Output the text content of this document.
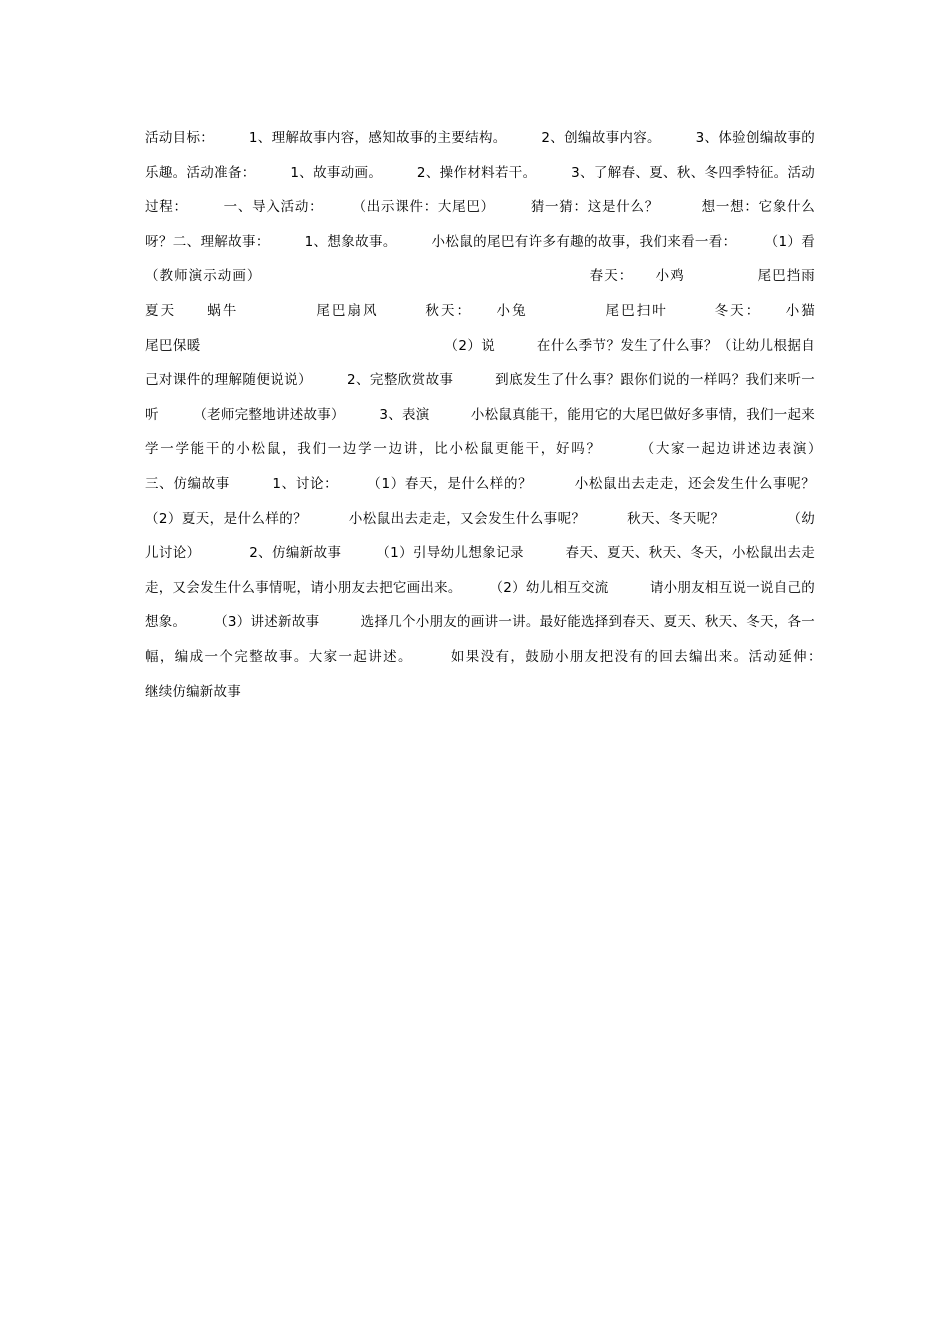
活动目标：　　　1、理解故事内容，感知故事的主要结构。　　　2、创编故事内容。　　　3、体验创编故事的乐趣。活动准备：　　　1、故事动画。　　　2、操作材料若干。　　　3、了解春、夏、秋、冬四季特征。活动过程：　　　一、导入活动：　　　（出示课件：大尾巴）　　　猜一猜：这是什么？　　　想一想：它象什么呀？二、理解故事：　　　1、想象故事。　　　小松鼠的尾巴有许多有趣的故事，我们来看一看：　　　（1）看（教师演示动画）　　　　　　　　　　　　　　　　　　　　　　　春天：　　小鸡　　　　　尾巴挡雨　　　夏天　　蜗牛　　　　　尾巴扇风　　　秋天：　　小兔　　　　　尾巴扫叶　　　冬天：　　小猫　　　　　尾巴保暖　　　　　　　　　　　　　　　　　　（2）说　　　在什么季节？发生了什么事？（让幼儿根据自己对课件的理解随便说说）　　　2、完整欣赏故事　　　到底发生了什么事？跟你们说的一样吗？我们来听一听　　　（老师完整地讲述故事）　　　3、表演　　　小松鼠真能干，能用它的大尾巴做好多事情，我们一起来学一学能干的小松鼠，我们一边学一边讲，比小松鼠更能干，好吗？　　　（大家一起边讲述边表演）　　　三、仿编故事　　　1、讨论：　　　（1）春天，是什么样的？　　　小松鼠出去走走，还会发生什么事呢？（2）夏天，是什么样的？　　　小松鼠出去走走，又会发生什么事呢？　　　秋天、冬天呢？　　　　　（幼儿讨论）　　　　2、仿编新故事　　　（1）引导幼儿想象记录　　　春天、夏天、秋天、冬天，小松鼠出去走走，又会发生什么事情呢，请小朋友去把它画出来。　　　（2）幼儿相互交流　　　请小朋友相互说一说自己的想象。　　　（3）讲述新故事　　　选择几个小朋友的画讲一讲。最好能选择到春天、夏天、秋天、冬天，各一幅，编成一个完整故事。大家一起讲述。　　　如果没有，鼓励小朋友把没有的回去编出来。活动延伸：　　　继续仿编新故事
